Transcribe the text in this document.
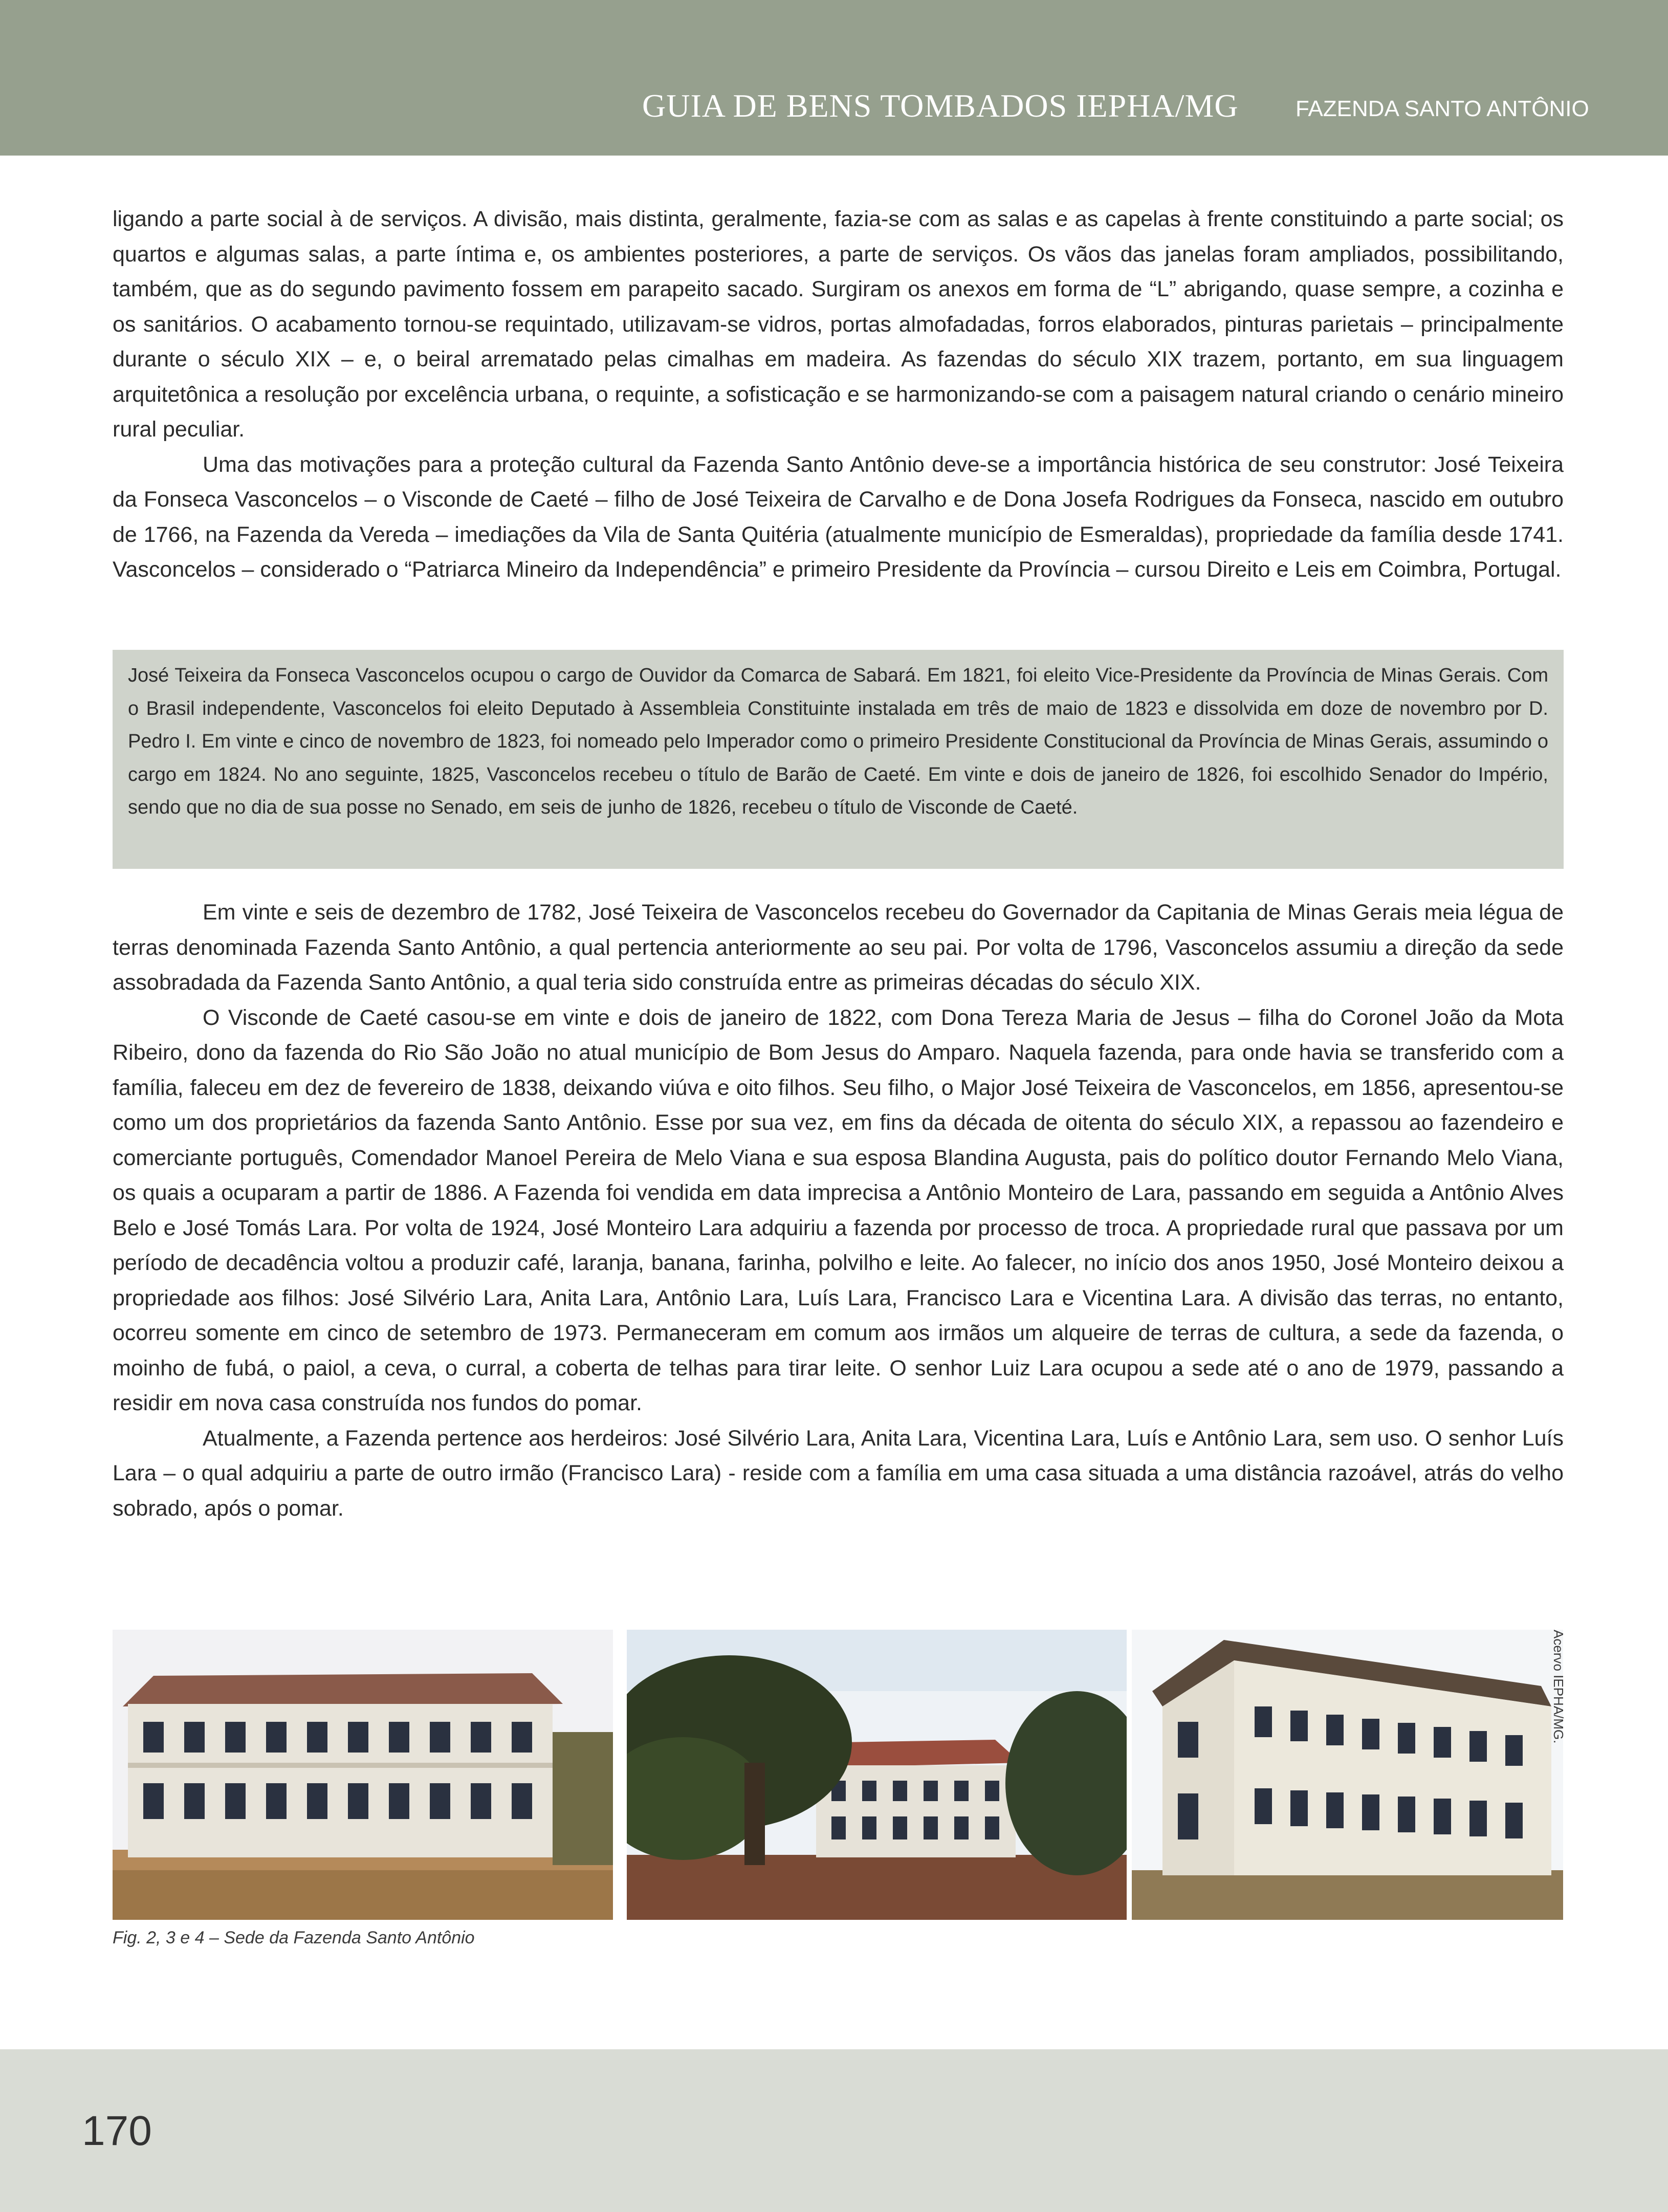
GUIA DE BENS TOMBADOS IEPHA/MG	FAZENDA SANTO ANTÔNIO

ligando a parte social à de serviços. A divisão, mais distinta, geralmente, fazia-se com as salas e as capelas à frente constituindo a parte social; os quartos e algumas salas, a parte íntima e, os ambientes posteriores, a parte de serviços. Os vãos das janelas foram ampliados, possibilitando, também, que as do segundo pavimento fossem em parapeito sacado. Surgiram os anexos em forma de “L” abrigando, quase sempre, a cozinha e os sanitários. O acabamento tornou-se requintado, utilizavam-se vidros, portas almofadadas, forros elaborados, pinturas parietais – principalmente durante o século XIX – e, o beiral arrematado pelas cimalhas em madeira. As fazendas do século XIX trazem, portanto, em sua linguagem arquitetônica a resolução por excelência urbana, o requinte, a sofisticação e se harmonizando-se com a paisagem natural criando o cenário mineiro rural peculiar.

Uma das motivações para a proteção cultural da Fazenda Santo Antônio deve-se a importância histórica de seu construtor: José Teixeira da Fonseca Vasconcelos – o Visconde de Caeté – filho de José Teixeira de Carvalho e de Dona Josefa Rodrigues da Fonseca, nascido em outubro de 1766, na Fazenda da Vereda – imediações da Vila de Santa Quitéria (atualmente município de Esmeraldas), propriedade da família desde 1741. Vasconcelos – considerado o “Patriarca Mineiro da Independência” e primeiro Presidente da Província – cursou Direito e Leis em Coimbra, Portugal.

José Teixeira da Fonseca Vasconcelos ocupou o cargo de Ouvidor da Comarca de Sabará. Em 1821, foi eleito Vice-Presidente da Província de Minas Gerais. Com o Brasil independente, Vasconcelos foi eleito Deputado à Assembleia Constituinte instalada em três de maio de 1823 e dissolvida em doze de novembro por D. Pedro I. Em vinte e cinco de novembro de 1823, foi nomeado pelo Imperador como o primeiro Presidente Constitucional da Província de Minas Gerais, assumindo o cargo em 1824. No ano seguinte, 1825, Vasconcelos recebeu o título de Barão de Caeté. Em vinte e dois de janeiro de 1826, foi escolhido Senador do Império, sendo que no dia de sua posse no Senado, em seis de junho de 1826, recebeu o título de Visconde de Caeté.

Em vinte e seis de dezembro de 1782, José Teixeira de Vasconcelos recebeu do Governador da Capitania de Minas Gerais meia légua de terras denominada Fazenda Santo Antônio, a qual pertencia anteriormente ao seu pai. Por volta de 1796, Vasconcelos assumiu a direção da sede assobradada da Fazenda Santo Antônio, a qual teria sido construída entre as primeiras décadas do século XIX.

O Visconde de Caeté casou-se em vinte e dois de janeiro de 1822, com Dona Tereza Maria de Jesus – filha do Coronel João da Mota Ribeiro, dono da fazenda do Rio São João no atual município de Bom Jesus do Amparo. Naquela fazenda, para onde havia se transferido com a família, faleceu em dez de fevereiro de 1838, deixando viúva e oito filhos. Seu filho, o Major José Teixeira de Vasconcelos, em 1856, apresentou-se como um dos proprietários da fazenda Santo Antônio. Esse por sua vez, em fins da década de oitenta do século XIX, a repassou ao fazendeiro e comerciante português, Comendador Manoel Pereira de Melo Viana e sua esposa Blandina Augusta, pais do político doutor Fernando Melo Viana, os quais a ocuparam a partir de 1886. A Fazenda foi vendida em data imprecisa a Antônio Monteiro de Lara, passando em seguida a Antônio Alves Belo e José Tomás Lara. Por volta de 1924, José Monteiro Lara adquiriu a fazenda por processo de troca. A propriedade rural que passava por um período de decadência voltou a produzir café, laranja, banana, farinha, polvilho e leite. Ao falecer, no início dos anos 1950, José Monteiro deixou a propriedade aos filhos: José Silvério Lara, Anita Lara, Antônio Lara, Luís Lara, Francisco Lara e Vicentina Lara. A divisão das terras, no entanto, ocorreu somente em cinco de setembro de 1973. Permaneceram em comum aos irmãos um alqueire de terras de cultura, a sede da fazenda, o moinho de fubá, o paiol, a ceva, o curral, a coberta de telhas para tirar leite. O senhor Luiz Lara ocupou a sede até o ano de 1979, passando a residir em nova casa construída nos fundos do pomar.

Atualmente, a Fazenda pertence aos herdeiros: José Silvério Lara, Anita Lara, Vicentina Lara, Luís e Antônio Lara, sem uso. O senhor Luís Lara – o qual adquiriu a parte de outro irmão (Francisco Lara) - reside com a família em uma casa situada a uma distância razoável, atrás do velho sobrado, após o pomar.

Acervo IEPHA/MG.
Fig. 2, 3 e 4 – Sede da Fazenda Santo Antônio
170
